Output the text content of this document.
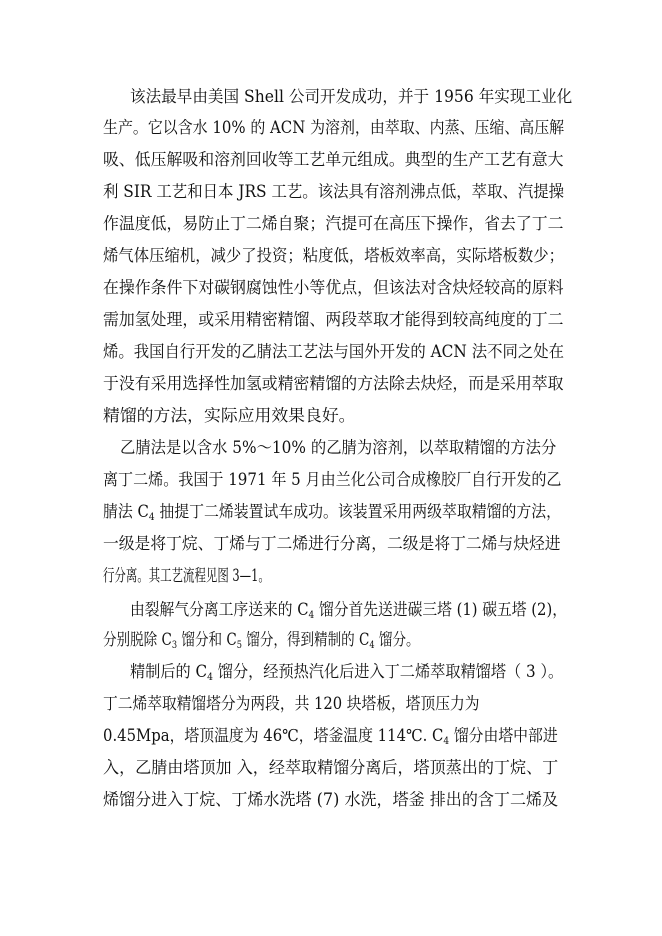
该法最早由美国 Shell 公司开发成功，并于 1956 年实现工业化
生产。它以含水 10% 的 ACN 为溶剂，由萃取、内蒸、压缩、高压解
吸、低压解吸和溶剂回收等工艺单元组成。典型的生产工艺有意大
利 SIR 工艺和日本 JRS 工艺。该法具有溶剂沸点低，萃取、汽提操
作温度低，易防止丁二烯自聚；汽提可在高压下操作，省去了丁二
烯气体压缩机，减少了投资；粘度低，塔板效率高，实际塔板数少；
在操作条件下对碳钢腐蚀性小等优点，但该法对含炔烃较高的原料
需加氢处理，或采用精密精馏、两段萃取才能得到较高纯度的丁二
烯。我国自行开发的乙腈法工艺法与国外开发的 ACN 法不同之处在
于没有采用选择性加氢或精密精馏的方法除去炔烃，而是采用萃取
精馏的方法，实际应用效果良好。
乙腈法是以含水 5%～10% 的乙腈为溶剂，以萃取精馏的方法分
离丁二烯。我国于 1971 年 5 月由兰化公司合成橡胶厂自行开发的乙
腈法 $C_4$ 抽提丁二烯装置试车成功。该装置采用两级萃取精馏的方法，
一级是将丁烷、丁烯与丁二烯进行分离，二级是将丁二烯与炔烃进
行分离。其工艺流程见图 3—1。
由裂解气分离工序送来的 $C_4$ 馏分首先送进碳三塔 (1) 碳五塔 (2)，
分别脱除 $C_3$ 馏分和 $C_5$ 馏分，得到精制的 $C_4$ 馏分。
精制后的 $C_4$ 馏分，经预热汽化后进入丁二烯萃取精馏塔（ 3 ）。
丁二烯萃取精馏塔分为两段，共 120 块塔板，塔顶压力为
0.45Mpa，塔顶温度为 46℃，塔釜温度 114℃. $C_4$ 馏分由塔中部进
入，乙腈由塔顶加 入，经萃取精馏分离后，塔顶蒸出的丁烷、丁
烯馏分进入丁烷、丁烯水洗塔 (7) 水洗，塔釜 排出的含丁二烯及
